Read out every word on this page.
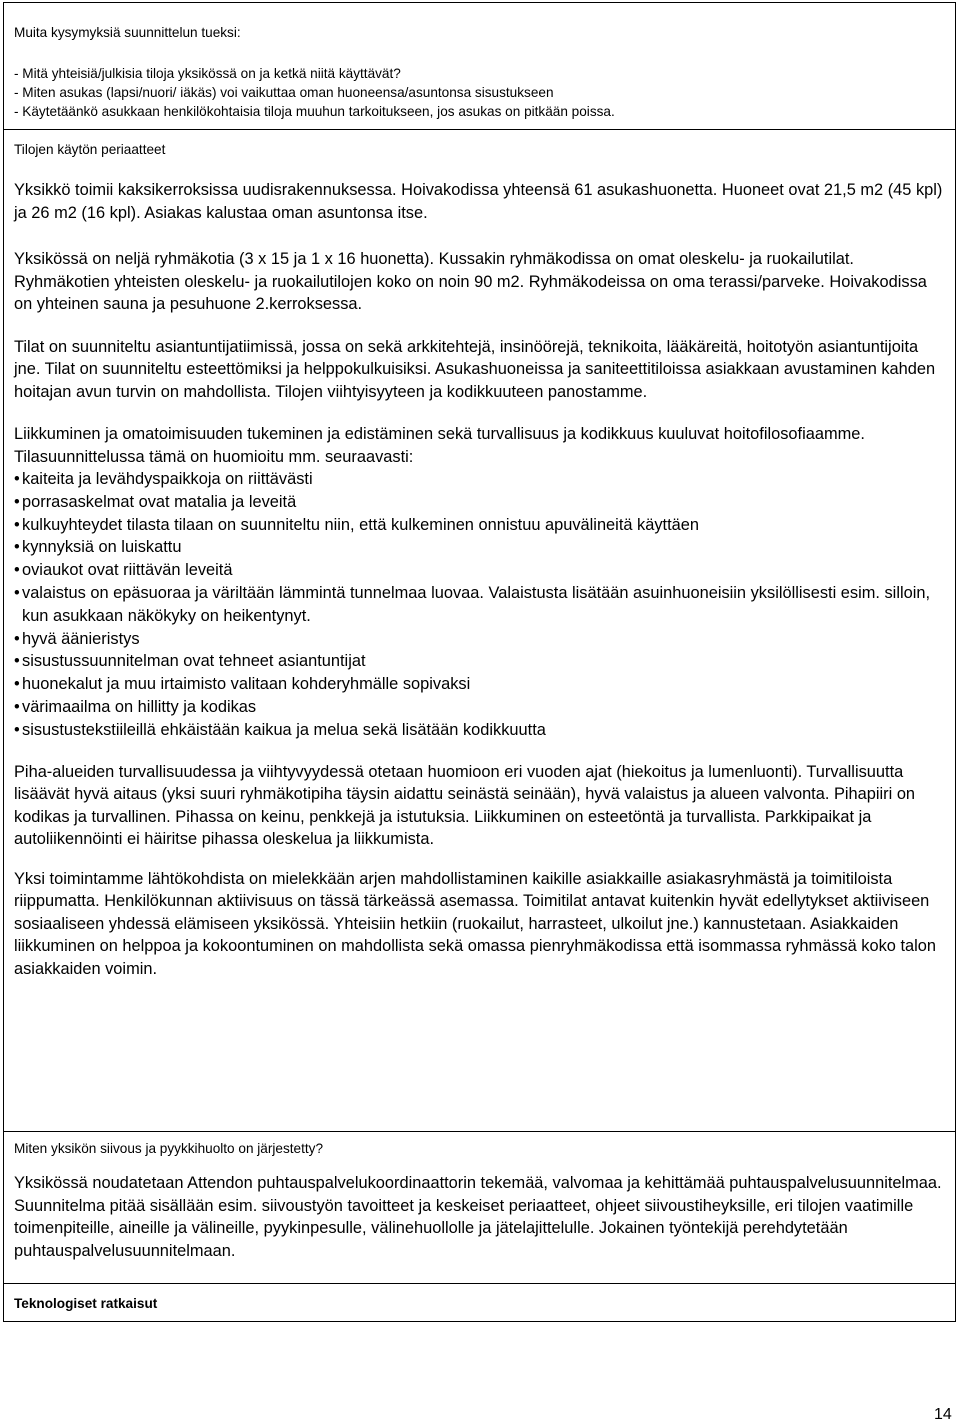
Muita kysymyksiä suunnittelun tueksi:

- Mitä yhteisiä/julkisia tiloja yksikössä on ja ketkä niitä käyttävät?

- Miten asukas (lapsi/nuori/ iäkäs) voi vaikuttaa oman huoneensa/asuntonsa sisustukseen

- Käytetäänkö asukkaan henkilökohtaisia tiloja muuhun tarkoitukseen, jos asukas on pitkään poissa.

Tilojen käytön periaatteet

Yksikkö toimii kaksikerroksissa uudisrakennuksessa. Hoivakodissa yhteensä 61 asukashuonetta. Huoneet ovat 21,5 m2 (45 kpl) ja 26 m2 (16 kpl). Asiakas kalustaa oman asuntonsa itse.

Yksikössä on neljä ryhmäkotia (3 x 15 ja 1 x 16 huonetta). Kussakin ryhmäkodissa on omat oleskelu- ja ruokailutilat. Ryhmäkotien yhteisten oleskelu- ja ruokailutilojen koko on noin 90 m2. Ryhmäkodeissa on oma terassi/parveke. Hoivakodissa on yhteinen sauna ja pesuhuone 2.kerroksessa.

Tilat on suunniteltu asiantuntijatiimissä, jossa on sekä arkkitehtejä, insinöörejä, teknikoita, lääkäreitä, hoitotyön asiantuntijoita jne. Tilat on suunniteltu esteettömiksi ja helppokulkuisiksi. Asukashuoneissa ja saniteettitiloissa asiakkaan avustaminen kahden hoitajan avun turvin on mahdollista. Tilojen viihtyisyyteen ja kodikkuuteen panostamme.

Liikkuminen ja omatoimisuuden tukeminen ja edistäminen sekä turvallisuus ja kodikkuus kuuluvat hoitofilosofiaamme. Tilasuunnittelussa tämä on huomioitu mm. seuraavasti:

• kaiteita ja levähdyspaikkoja on riittävästi
• porrasaskelmat ovat matalia ja leveitä
• kulkuyhteydet tilasta tilaan on suunniteltu niin, että kulkeminen onnistuu apuvälineitä käyttäen
• kynnyksiä on luiskattu
• oviaukot ovat riittävän leveitä
• valaistus on epäsuoraa ja väriltään lämmintä tunnelmaa luovaa. Valaistusta lisätään asuinhuoneisiin yksilöllisesti esim. silloin, kun asukkaan näkökyky on heikentynyt.
• hyvä äänieristys
• sisustussuunnitelman ovat tehneet asiantuntijat
• huonekalut ja muu irtaimisto valitaan kohderyhmälle sopivaksi
• värimaailma on hillitty ja kodikas
• sisustustekstiileillä ehkäistään kaikua ja melua sekä lisätään kodikkuutta

Piha-alueiden turvallisuudessa ja viihtyvyydessä otetaan huomioon eri vuoden ajat (hiekoitus ja lumenluonti). Turvallisuutta lisäävät hyvä aitaus (yksi suuri ryhmäkotipiha täysin aidattu seinästä seinään), hyvä valaistus ja alueen valvonta. Pihapiiri on kodikas ja turvallinen. Pihassa on keinu, penkkejä ja istutuksia. Liikkuminen on esteetöntä ja turvallista. Parkkipaikat ja autoliikennöinti ei häiritse pihassa oleskelua ja liikkumista.

Yksi toimintamme lähtökohdista on mielekkään arjen mahdollistaminen kaikille asiakkaille asiakasryhmästä ja toimitiloista riippumatta. Henkilökunnan aktiivisuus on tässä tärkeässä asemassa. Toimitilat antavat kuitenkin hyvät edellytykset aktiiviseen sosiaaliseen yhdessä elämiseen yksikössä. Yhteisiin hetkiin (ruokailut, harrasteet, ulkoilut jne.) kannustetaan. Asiakkaiden liikkuminen on helppoa ja kokoontuminen on mahdollista sekä omassa pienryhmäkodissa että isommassa ryhmässä koko talon asiakkaiden voimin.

Miten yksikön siivous ja pyykkihuolto on järjestetty?

Yksikössä noudatetaan Attendon puhtauspalvelukoordinaattorin tekemää, valvomaa ja kehittämää puhtauspalvelusuunnitelmaa. Suunnitelma pitää sisällään esim. siivoustyön tavoitteet ja keskeiset periaatteet, ohjeet siivoustiheyksille, eri tilojen vaatimille toimenpiteille, aineille ja välineille, pyykinpesulle, välinehuollolle ja jätelajittelulle. Jokainen työntekijä perehdytetään puhtauspalvelusuunnitelmaan.

Teknologiset ratkaisut

14
